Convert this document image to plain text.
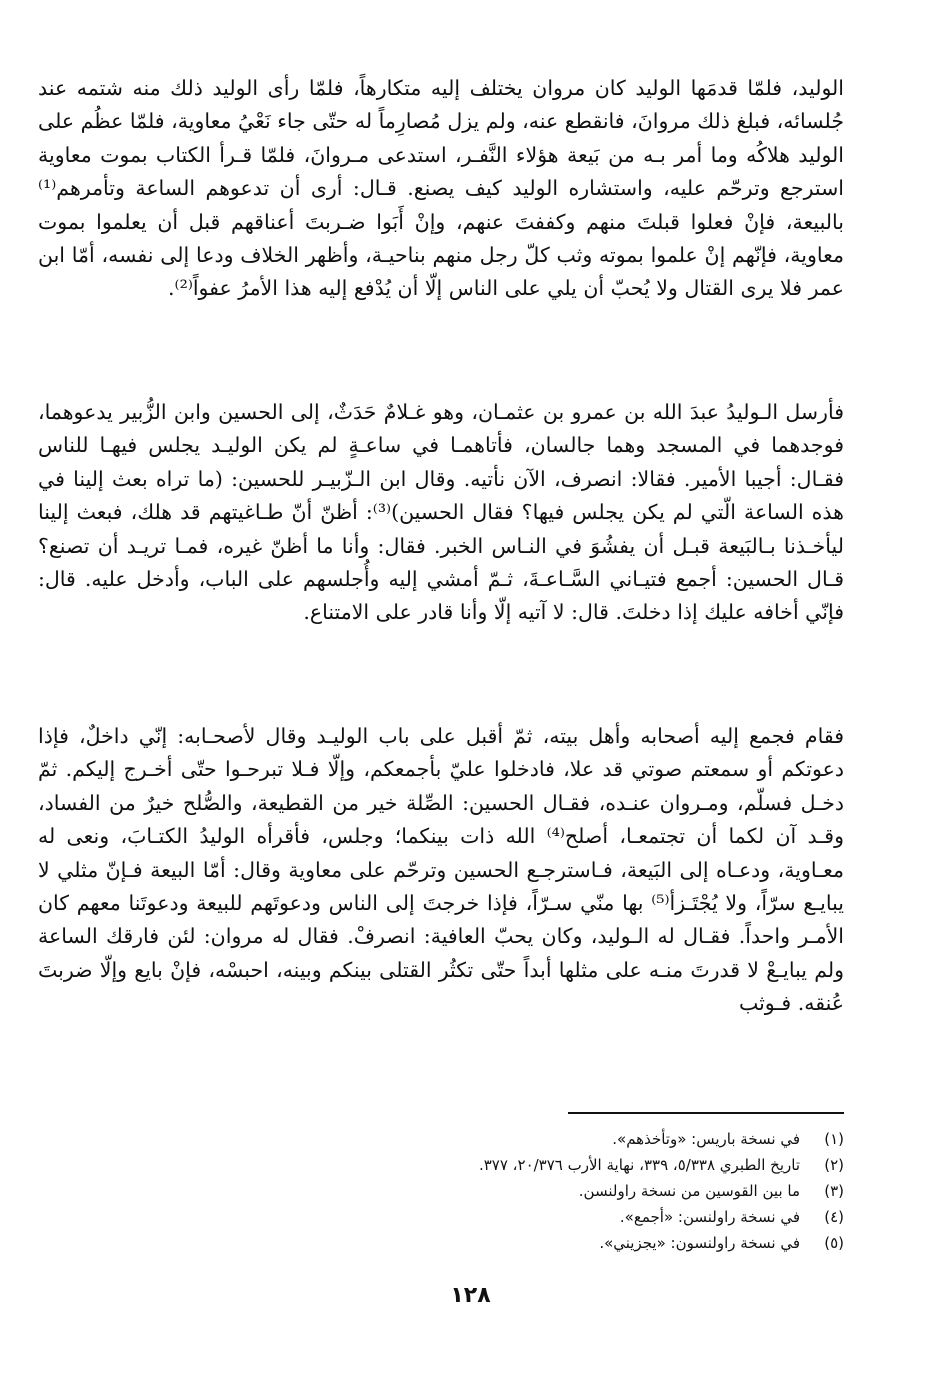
الوليد، فلمّا قدمَها الوليد كان مروان يختلف إليه متكارهاً، فلمّا رأى الوليد ذلك منه شتمه عند جُلسائه، فبلغ ذلك مروانَ، فانقطع عنه، ولم يزل مُصارِماً له حتّى جاء نَعْيُ معاوية، فلمّا عظُم على الوليد هلاكُه وما أمر بـه من بَيعة هؤلاء النَّفـر، استدعى مـروانَ، فلمّا قـرأ الكتاب بموت معاوية استرجع وترحّم عليه، واستشاره الوليد كيف يصنع. قـال: أرى أن تدعوهم الساعة وتأمرهم⁽¹⁾ بالبيعة، فإنْ فعلوا قبلتَ منهم وكففتَ عنهم، وإنْ أَبَوا ضـربتَ أعناقهم قبل أن يعلموا بموت معاوية، فإنّهم إنْ علموا بموته وثب كلّ رجل منهم بناحيـة، وأظهر الخلاف ودعا إلى نفسه، أمّا ابن عمر فلا يرى القتال ولا يُحبّ أن يلي على الناس إلّا أن يُدْفع إليه هذا الأمرُ عفواً⁽²⁾.

فأرسل الـوليدُ عبدَ الله بن عمرو بن عثمـان، وهو غـلامٌ حَدَثٌ، إلى الحسين وابن الزُّبير يدعوهما، فوجدهما في المسجد وهما جالسان، فأتاهمـا في ساعـةٍ لم يكن الوليـد يجلس فيهـا للناس فقـال: أجيبا الأمير. فقالا: انصرف، الآن نأتيه. وقال ابن الـزّبيـر للحسين: (ما تراه بعث إلينا في هذه الساعة الّتي لم يكن يجلس فيها؟ فقال الحسين)⁽³⁾: أظنّ أنّ طـاغيتهم قد هلك، فبعث إلينا ليأخـذنا بـالبَيعة قبـل أن يفشُوَ في النـاس الخبر. فقال: وأنا ما أظنّ غيره، فمـا تريـد أن تصنع؟ قـال الحسين: أجمع فتيـاني السَّـاعـةَ، ثـمّ أمشي إليه وأُجلسهم على الباب، وأدخل عليه. قال: فإنّي أخافه عليك إذا دخلتَ. قال: لا آتيه إلّا وأنا قادر على الامتناع.

فقام فجمع إليه أصحابه وأهل بيته، ثمّ أقبل على باب الوليـد وقال لأصحـابه: إنّي داخلٌ، فإذا دعوتكم أو سمعتم صوتي قد علا، فادخلوا عليّ بأجمعكم، وإلّا فـلا تبرحـوا حتّى أخـرج إليكم. ثمّ دخـل فسلّم، ومـروان عنـده، فقـال الحسين: الصِّلة خير من القطيعة، والصُّلح خيرٌ من الفساد، وقـد آن لكما أن تجتمعـا، أصلح⁽⁴⁾ الله ذات بينكما؛ وجلس، فأقرأه الوليدُ الكتـابَ، ونعى له معـاوية، ودعـاه إلى البَيعة، فـاسترجـع الحسين وترحّم على معاوية وقال: أمّا البيعة فـإنّ مثلي لا يبايـع سرّاً، ولا يُجْتَـزأ⁽⁵⁾ بها منّي سـرّاً، فإذا خرجتَ إلى الناس ودعوتَهم للبيعة ودعوتَنا معهم كان الأمـر واحداً. فقـال له الـوليد، وكان يحبّ العافية: انصرفْ. فقال له مروان: لئن فارقك الساعة ولم يبايـعْ لا قدرتَ منـه على مثلها أبداً حتّى تكثُر القتلى بينكم وبينه، احبسْه، فإنْ بايع وإلّا ضربتَ عُنقه. فـوثب

(١)
في نسخة باريس: «وتأخذهم».
(٢)
تاريخ الطبري ٥/٣٣٨، ٣٣٩، نهاية الأرب ٢٠/٣٧٦، ٣٧٧.
(٣)
ما بين القوسين من نسخة راولنسن.
(٤)
في نسخة راولنسن: «أجمع».
(٥)
في نسخة راولنسون: «يجزيني».
١٢٨
